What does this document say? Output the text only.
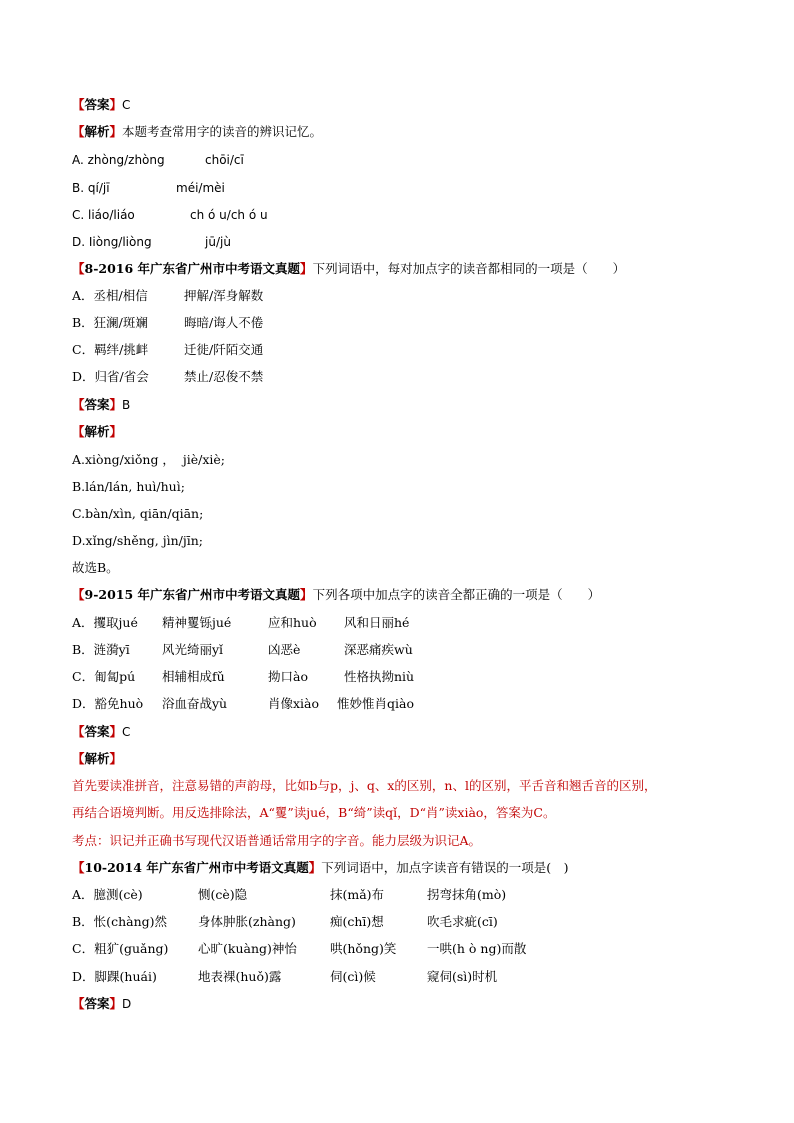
【答案】C
【解析】本题考查常用字的读音的辨识记忆。
A. zhòng/zhòng	chōi/cī
B. qí/jī	méi/mèi
C. liáo/liáo	ch ó u/ch ó u
D. Iiòng/liòng	jū/jù
【8-2016 年广东省广州市中考语文真题】下列词语中，每对加点字的读音都相同的一项是（　　）
A．丞相/相信	押解/浑身解数
B．狂澜/斑斓	晦暗/诲人不倦
C．羁绊/挑衅	迁徙/阡陌交通
D．归省/省会	禁止/忍俊不禁
【答案】B
【解析】
A.xiòng/xiǒng ，  jiè/xiè;
B.lán/lán, huì/huì;
C.bàn/xìn, qiān/qiān;
D.xǐng/shěng, jìn/jīn;
故选B。
【9-2015 年广东省广州市中考语文真题】下列各项中加点字的读音全都正确的一项是（　　）
A．攫取jué 精神矍铄jué	应和huò 风和日丽hé
B．涟漪yī	风光绮丽yǐ	凶恶è	深恶痛疾wù
C．匍匐pú 相辅相成fǔ	拗口ào	性格执拗niù
D．豁免huò 浴血奋战yù	肖像xiào 惟妙惟肖qiào
【答案】C
【解析】
首先要读准拼音，注意易错的声韵母，比如b与p，j、q、x的区别，n、l的区别，平舌音和翘舌音的区别，
再结合语境判断。用反选排除法，A“矍”读jué，B“绮”读qǐ，D“肖”读xiào，答案为C。
考点：识记并正确书写现代汉语普通话常用字的字音。能力层级为识记A。
【10-2014 年广东省广州市中考语文真题】下列词语中，加点字读音有错误的一项是(　)
A．臆测(cè)	恻(cè)隐	抹(mǎ)布	拐弯抹角(mò)
B．怅(chàng)然 身体肿胀(zhàng)	痴(chī)想	吹毛求疵(cī)
C．粗犷(guǎng) 心旷(kuàng)神怡	哄(hǒng)笑 一哄(h ò ng)而散
D．脚踝(huái)	地表裸(huǒ)露	伺(cì)候	窥伺(sì)时机
【答案】D
